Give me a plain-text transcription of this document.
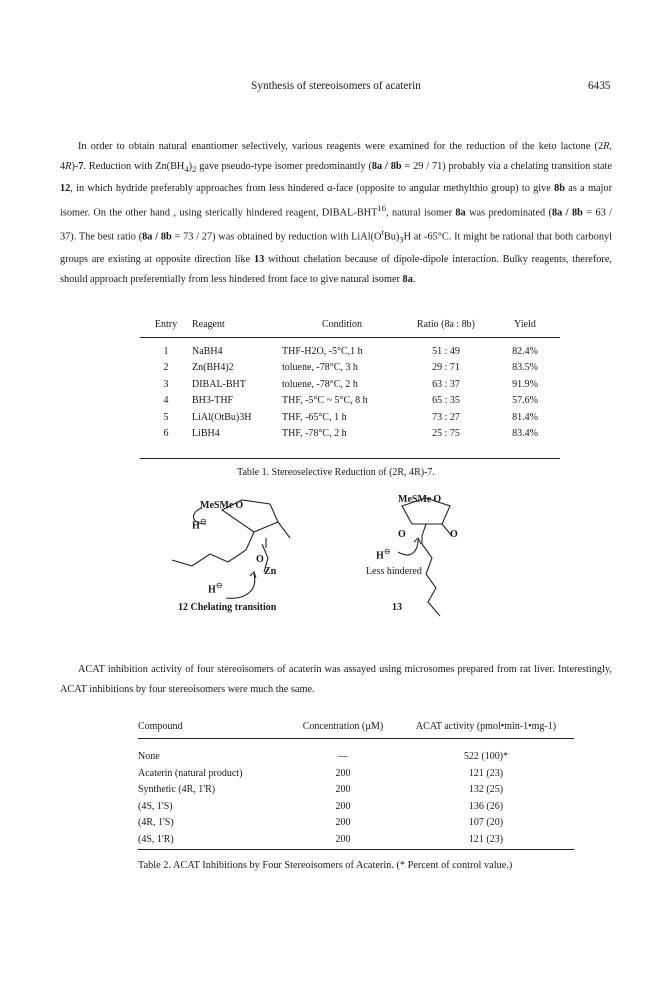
Synthesis of stereoisomers of acaterin	6435

In order to obtain natural enantiomer selectively, various reagents were examined for the reduction of the keto lactone (2R, 4R)-7. Reduction with $Zn(BH_4)_2$ gave pseudo-type isomer predominantly (8a / 8b = 29 / 71) probably via a chelating transition state 12, in which hydride preferably approaches from less hindered α-face (opposite to angular methylthio group) to give 8b as a major isomer. On the other hand , using sterically hindered reagent, DIBAL-BHT$^{16}$, natural isomer 8a was predominated (8a / 8b = 63 / 37). The best ratio (8a / 8b = 73 / 27) was obtained by reduction with $LiAl(O^tBu)_3H$ at -65°C. It might be rational that both carbonyl groups are existing at opposite direction like 13 without chelation because of dipole-dipole interaction. Bulky reagents, therefore, should approach preferentially from less hindered front face to give natural isomer 8a.

Entry	Reagent	Condition	Ratio (8a : 8b)	Yield
1	NaBH4	THF-H2O, -5°C,1 h	51 : 49	82.4%
2	Zn(BH4)2	toluene, -78°C, 3 h	29 : 71	83.5%
3	DIBAL-BHT	toluene, -78°C, 2 h	63 : 37	91.9%
4	BH3-THF	THF, -5°C ~ 5°C, 8 h	65 : 35	57.6%
5	LiAl(OtBu)3H	THF, -65°C, 1 h	73 : 27	81.4%
6	LiBH4	THF, -78°C, 2 h	25 : 75	83.4%
Table 1. Stereoselective Reduction of (2R, 4R)-7.
MeSMe O
H⊖
O
Zn
H⊖
12 Chelating transition
MeSMe O
O	O
H⊖
Less hindered
13

ACAT inhibition activity of four stereoisomers of acaterin was assayed using microsomes prepared from rat liver. Interestingly, ACAT inhibitions by four stereoisomers were much the same.

Compound	Concentration (µM)	ACAT activity (pmol•min-1•mg-1)
None	—	522 (100)*
Acaterin (natural product)	200	121 (23)
Synthetic (4R, 1'R)	200	132 (25)
(4S, 1'S)	200	136 (26)
(4R, 1'S)	200	107 (20)
(4S, 1'R)	200	121 (23)
Table 2. ACAT Inhibitions by Four Stereoisomers of Acaterin. (* Percent of control value.)
